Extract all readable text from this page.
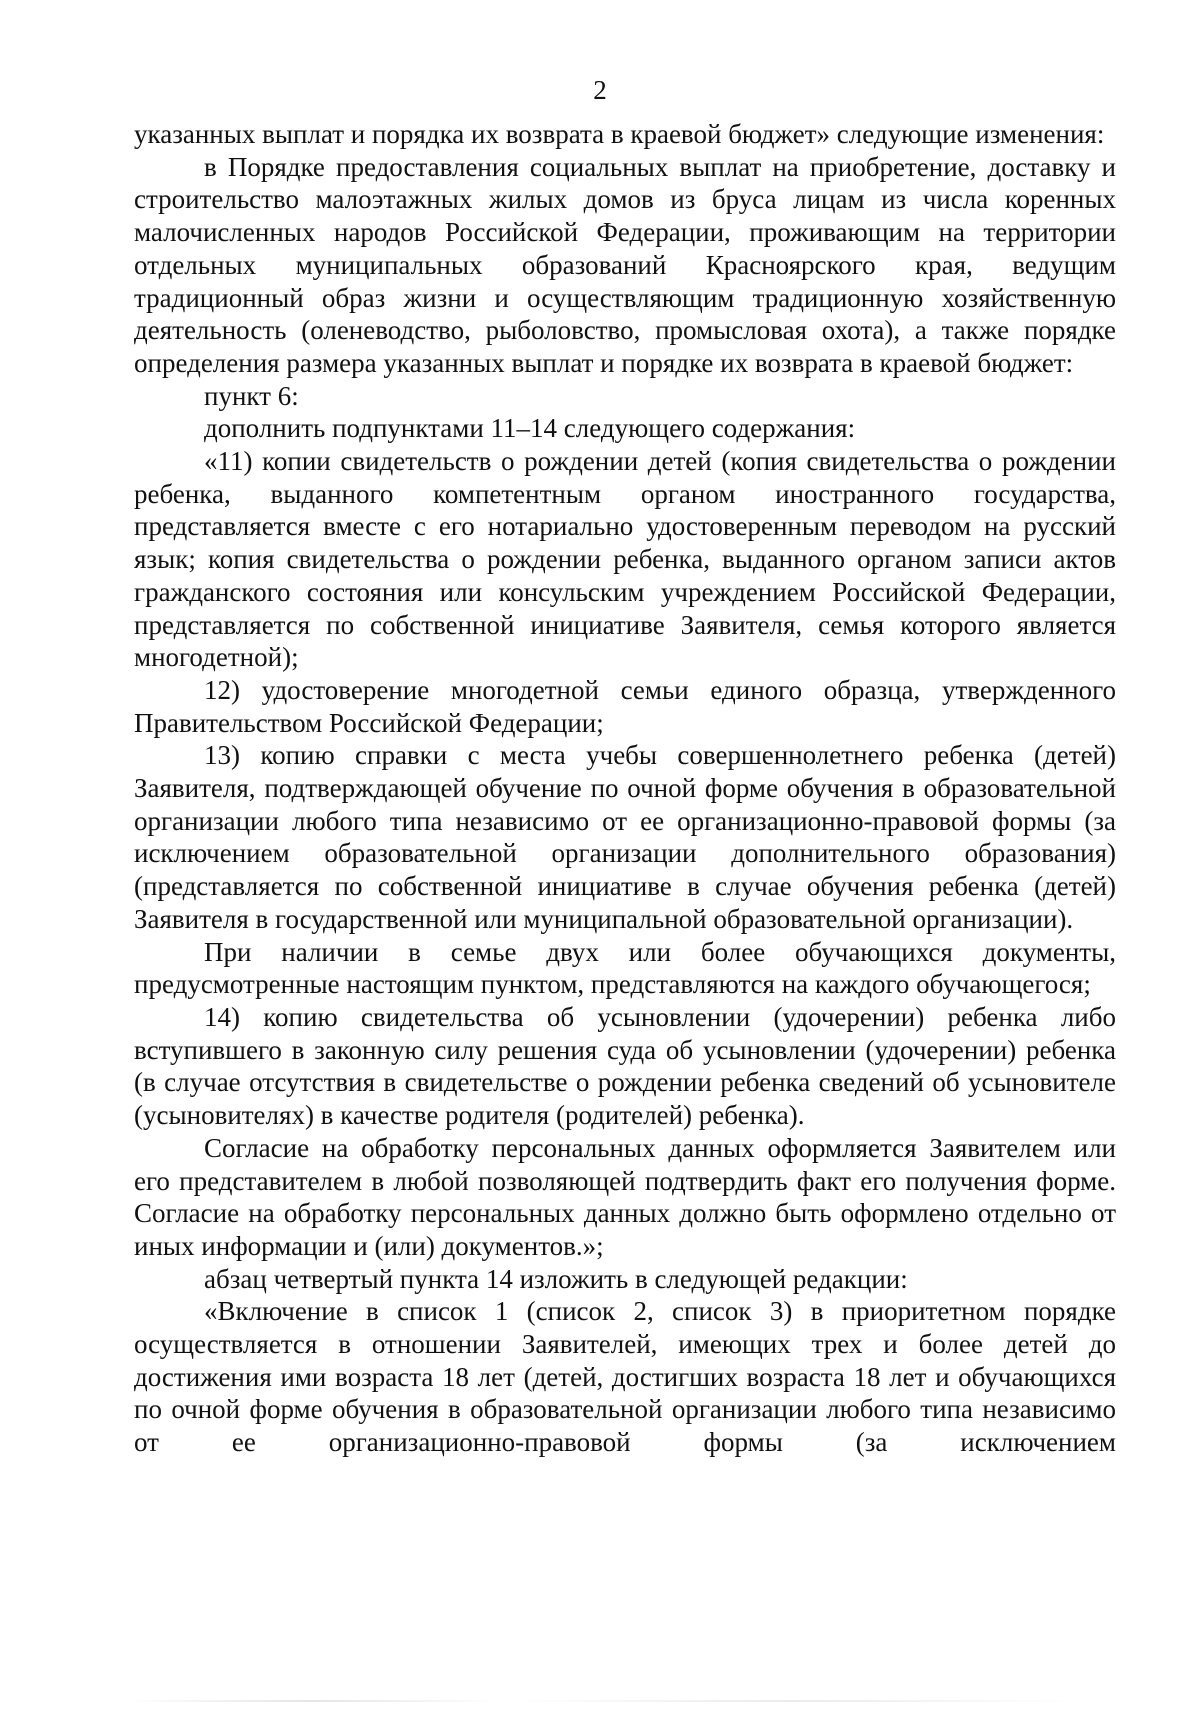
2

указанных выплат и порядка их возврата в краевой бюджет» следующие изменения:

в Порядке предоставления социальных выплат на приобретение, доставку и строительство малоэтажных жилых домов из бруса лицам из числа коренных малочисленных народов Российской Федерации, проживающим на территории отдельных муниципальных образований Красноярского края, ведущим традиционный образ жизни и осуществляющим традиционную хозяйственную деятельность (оленеводство, рыболовство, промысловая охота), а также порядке определения размера указанных выплат и порядке их возврата в краевой бюджет:

пункт 6:

дополнить подпунктами 11–14 следующего содержания:

«11) копии свидетельств о рождении детей (копия свидетельства о рождении ребенка, выданного компетентным органом иностранного государства, представляется вместе с его нотариально удостоверенным переводом на русский язык; копия свидетельства о рождении ребенка, выданного органом записи актов гражданского состояния или консульским учреждением Российской Федерации, представляется по собственной инициативе Заявителя, семья которого является многодетной);

12) удостоверение многодетной семьи единого образца, утвержденного Правительством Российской Федерации;

13) копию справки с места учебы совершеннолетнего ребенка (детей) Заявителя, подтверждающей обучение по очной форме обучения в образовательной организации любого типа независимо от ее организационно-правовой формы (за исключением образовательной организации дополнительного образования) (представляется по собственной инициативе в случае обучения ребенка (детей) Заявителя в государственной или муниципальной образовательной организации).

При наличии в семье двух или более обучающихся документы, предусмотренные настоящим пунктом, представляются на каждого обучающегося;

14) копию свидетельства об усыновлении (удочерении) ребенка либо вступившего в законную силу решения суда об усыновлении (удочерении) ребенка (в случае отсутствия в свидетельстве о рождении ребенка сведений об усыновителе (усыновителях) в качестве родителя (родителей) ребенка).

Согласие на обработку персональных данных оформляется Заявителем или его представителем в любой позволяющей подтвердить факт его получения форме. Согласие на обработку персональных данных должно быть оформлено отдельно от иных информации и (или) документов.»;

абзац четвертый пункта 14 изложить в следующей редакции:

«Включение в список 1 (список 2, список 3) в приоритетном порядке осуществляется в отношении Заявителей, имеющих трех и более детей до достижения ими возраста 18 лет (детей, достигших возраста 18 лет и обучающихся по очной форме обучения в образовательной организации любого типа независимо от ее организационно-правовой формы (за исключением
